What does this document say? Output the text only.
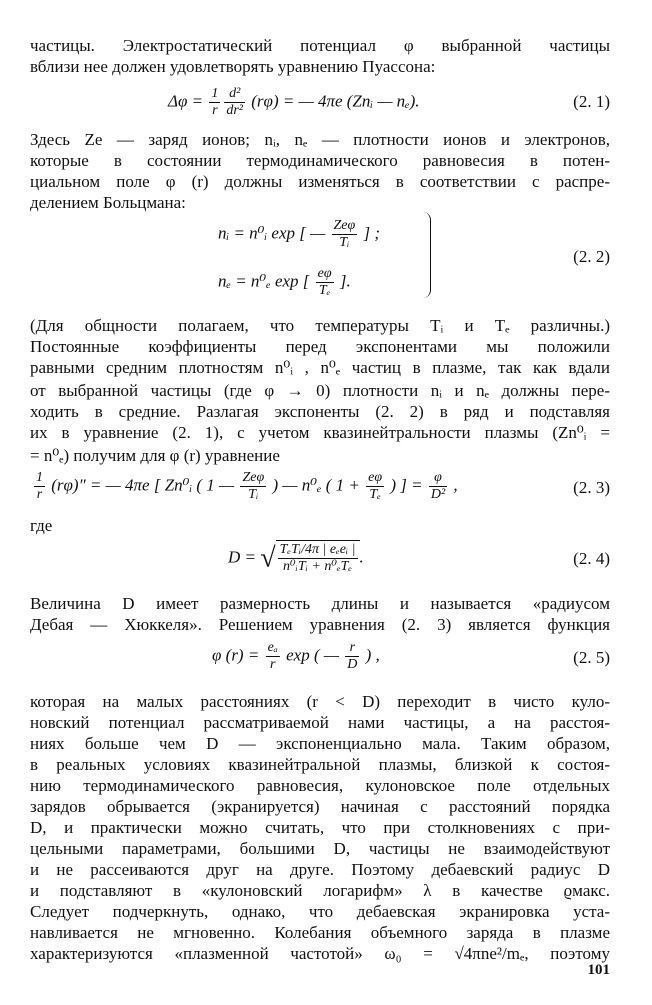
частицы. Электростатический потенциал φ выбранной частицы
вблизи нее должен удовлетворять уравнению Пуассона:
$\Delta\varphi = \frac{1}{r} \frac{\text{d²}}{\text{dr²}} (r\varphi)$ = — 4πe (Znᵢ — nₑ).	(2. 1)
Здесь Ze — заряд ионов; nᵢ, nₑ — плотности ионов и электронов,
которые в состоянии термодинамического равновесия в потен-
циальном поле φ (r) должны изменяться в соответствии с распре-
делением Больцмана:
nᵢ = n⁰ᵢ exp [ — $\frac{\text{Zeφ}}{\text{Tᵢ}}$ ] ;
nₑ = n⁰ₑ exp [ $\frac{e\varphi}{\text{Tₑ}}$ ].
(2. 2)
(Для общности полагаем, что температуры Tᵢ и Tₑ различны.)
Постоянные коэффициенты перед экспонентами мы положили
равными средним плотностям n⁰ᵢ , n⁰ₑ частиц в плазме, так как вдали
от выбранной частицы (где φ → 0) плотности nᵢ и nₑ должны пере-
ходить в средние. Разлагая экспоненты (2. 2) в ряд и подставляя
их в уравнение (2. 1), с учетом квазинейтральности плазмы (Zn⁰ᵢ =
= n⁰ₑ) получим для φ (r) уравнение
$\frac{1}{r} (r\varphi)''$ = — 4πe [ Zn⁰ᵢ ( 1 — $\frac{\text{Zeφ}}{\text{Tᵢ}}$ ) — n⁰ₑ ( $1 + \frac{e\varphi}{\text{Tₑ}}$ ) ] = $\frac{\varphi}{\text{D²}}$ ,	(2. 3)
где
D = √ $\frac{\text{TₑTᵢ/4π | eₑeᵢ |}}{\text{n⁰ᵢTᵢ + n⁰ₑTₑ}}$ .	(2. 4)
Величина D имеет размерность длины и называется «радиусом
Дебая — Хюккеля». Решением уравнения (2. 3) является функция
φ $(r) = \frac{\text{eₐ}}{r}$ exp ( — $\frac{r}{D}$ ) ,	(2. 5)
которая на малых расстояниях (r < D) переходит в чисто куло-
новский потенциал рассматриваемой нами частицы, а на расстоя-
ниях больше чем D — экспоненциально мала. Таким образом,
в реальных условиях квазинейтральной плазмы, близкой к состоя-
нию термодинамического равновесия, кулоновское поле отдельных
зарядов обрывается (экранируется) начиная с расстояний порядка
D, и практически можно считать, что при столкновениях с при-
цельными параметрами, большими D, частицы не взаимодействуют
и не рассеиваются друг на друге. Поэтому дебаевский радиус D
и подставляют в «кулоновский логарифм» λ в качестве ϱмакс.
Следует подчеркнуть, однако, что дебаевская экранировка уста-
навливается не мгновенно. Колебания объемного заряда в плазме
характеризуются «плазменной частотой» ω₀ = √4πne²/mₑ, поэтому
101
